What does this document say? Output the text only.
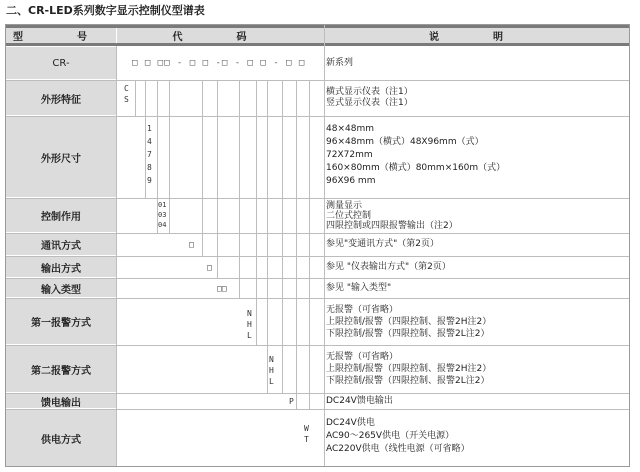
二、CR-LED系列数字显示控制仪型谱表
型　号	代　码	说　明
CR-
外形特征
外形尺寸
控制作用
通讯方式
输出方式
输入类型
第一报警方式
第二报警方式
馈电输出
供电方式
□ □ □□ - □ □ -□ - □ □ - □ □
C
S
1
4
7
8
9
01
03
04
□
□
□□
N
H
L
N
H
L
P
W
T
新系列
横式显示仪表（注1）
竖式显示仪表（注1）
48×48mm
96×48mm（横式）48X96mm（式）
72X72mm
160×80mm（横式）80mm×160m（式）
96X96 mm
测量显示
二位式控制
四限控制或四限报警输出（注2）
参见"变通讯方式"（第2页）
参见 "仪表输出方式"（第2页）
参见 "输入类型"
无报警（可省略）
上限控制/报警（四限控制、报警2H注2）
下限控制/报警（四限控制、报警2L注2）
无报警（可省略）
上限控制/报警（四限控制、报警2H注2）
下限控制/报警（四限控制、报警2L注2）
DC24V馈电输出
DC24V供电
AC90～265V供电（开关电源）
AC220V供电（线性电源（可省略）
